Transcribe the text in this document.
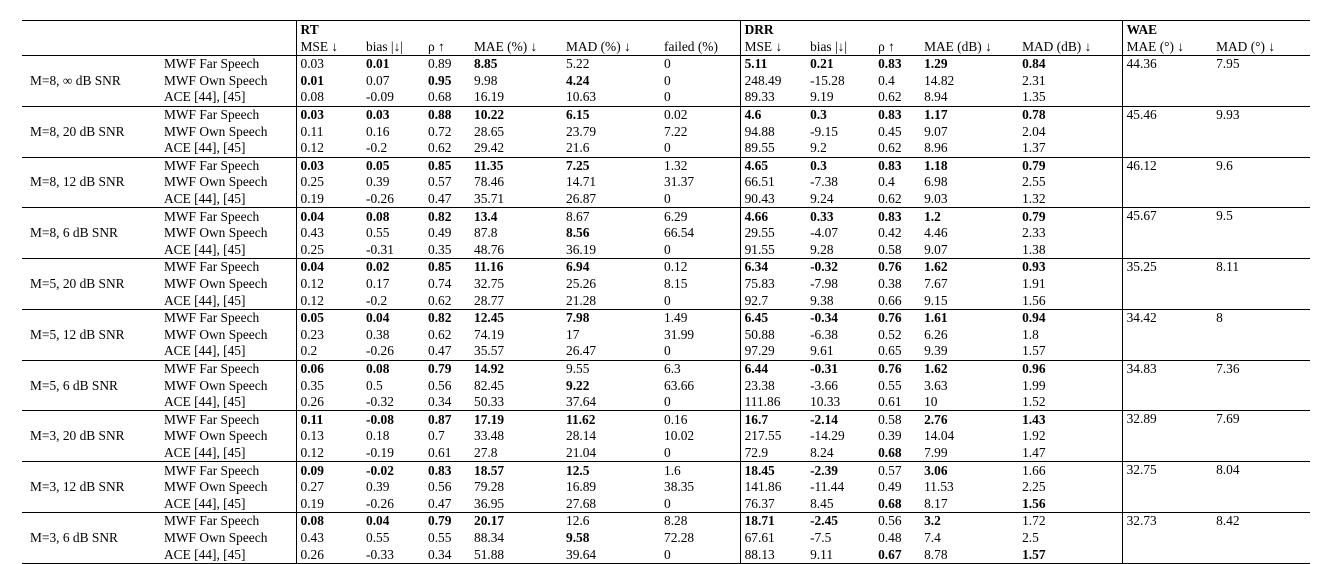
		RT						DRR					WAE	
		MSE ↓	bias |↓|	ρ ↑	MAE (%) ↓	MAD (%) ↓	failed (%)	MSE ↓	bias |↓|	ρ ↑	MAE (dB) ↓	MAD (dB) ↓	MAE (°) ↓	MAD (°) ↓
M=8, ∞ dB SNR	MWF Far Speech	0.03	0.01	0.89	8.85	5.22	0	5.11	0.21	0.83	1.29	0.84	44.36	7.95
	MWF Own Speech	0.01	0.07	0.95	9.98	4.24	0	248.49	-15.28	0.4	14.82	2.31		
	ACE [44], [45]	0.08	-0.09	0.68	16.19	10.63	0	89.33	9.19	0.62	8.94	1.35		
M=8, 20 dB SNR	MWF Far Speech	0.03	0.03	0.88	10.22	6.15	0.02	4.6	0.3	0.83	1.17	0.78	45.46	9.93
	MWF Own Speech	0.11	0.16	0.72	28.65	23.79	7.22	94.88	-9.15	0.45	9.07	2.04		
	ACE [44], [45]	0.12	-0.2	0.62	29.42	21.6	0	89.55	9.2	0.62	8.96	1.37		
M=8, 12 dB SNR	MWF Far Speech	0.03	0.05	0.85	11.35	7.25	1.32	4.65	0.3	0.83	1.18	0.79	46.12	9.6
	MWF Own Speech	0.25	0.39	0.57	78.46	14.71	31.37	66.51	-7.38	0.4	6.98	2.55		
	ACE [44], [45]	0.19	-0.26	0.47	35.71	26.87	0	90.43	9.24	0.62	9.03	1.32		
M=8, 6 dB SNR	MWF Far Speech	0.04	0.08	0.82	13.4	8.67	6.29	4.66	0.33	0.83	1.2	0.79	45.67	9.5
	MWF Own Speech	0.43	0.55	0.49	87.8	8.56	66.54	29.55	-4.07	0.42	4.46	2.33		
	ACE [44], [45]	0.25	-0.31	0.35	48.76	36.19	0	91.55	9.28	0.58	9.07	1.38		
M=5, 20 dB SNR	MWF Far Speech	0.04	0.02	0.85	11.16	6.94	0.12	6.34	-0.32	0.76	1.62	0.93	35.25	8.11
	MWF Own Speech	0.12	0.17	0.74	32.75	25.26	8.15	75.83	-7.98	0.38	7.67	1.91		
	ACE [44], [45]	0.12	-0.2	0.62	28.77	21.28	0	92.7	9.38	0.66	9.15	1.56		
M=5, 12 dB SNR	MWF Far Speech	0.05	0.04	0.82	12.45	7.98	1.49	6.45	-0.34	0.76	1.61	0.94	34.42	8
	MWF Own Speech	0.23	0.38	0.62	74.19	17	31.99	50.88	-6.38	0.52	6.26	1.8		
	ACE [44], [45]	0.2	-0.26	0.47	35.57	26.47	0	97.29	9.61	0.65	9.39	1.57		
M=5, 6 dB SNR	MWF Far Speech	0.06	0.08	0.79	14.92	9.55	6.3	6.44	-0.31	0.76	1.62	0.96	34.83	7.36
	MWF Own Speech	0.35	0.5	0.56	82.45	9.22	63.66	23.38	-3.66	0.55	3.63	1.99		
	ACE [44], [45]	0.26	-0.32	0.34	50.33	37.64	0	111.86	10.33	0.61	10	1.52		
M=3, 20 dB SNR	MWF Far Speech	0.11	-0.08	0.87	17.19	11.62	0.16	16.7	-2.14	0.58	2.76	1.43	32.89	7.69
	MWF Own Speech	0.13	0.18	0.7	33.48	28.14	10.02	217.55	-14.29	0.39	14.04	1.92		
	ACE [44], [45]	0.12	-0.19	0.61	27.8	21.04	0	72.9	8.24	0.68	7.99	1.47		
M=3, 12 dB SNR	MWF Far Speech	0.09	-0.02	0.83	18.57	12.5	1.6	18.45	-2.39	0.57	3.06	1.66	32.75	8.04
	MWF Own Speech	0.27	0.39	0.56	79.28	16.89	38.35	141.86	-11.44	0.49	11.53	2.25		
	ACE [44], [45]	0.19	-0.26	0.47	36.95	27.68	0	76.37	8.45	0.68	8.17	1.56		
M=3, 6 dB SNR	MWF Far Speech	0.08	0.04	0.79	20.17	12.6	8.28	18.71	-2.45	0.56	3.2	1.72	32.73	8.42
	MWF Own Speech	0.43	0.55	0.55	88.34	9.58	72.28	67.61	-7.5	0.48	7.4	2.5		
	ACE [44], [45]	0.26	-0.33	0.34	51.88	39.64	0	88.13	9.11	0.67	8.78	1.57		
